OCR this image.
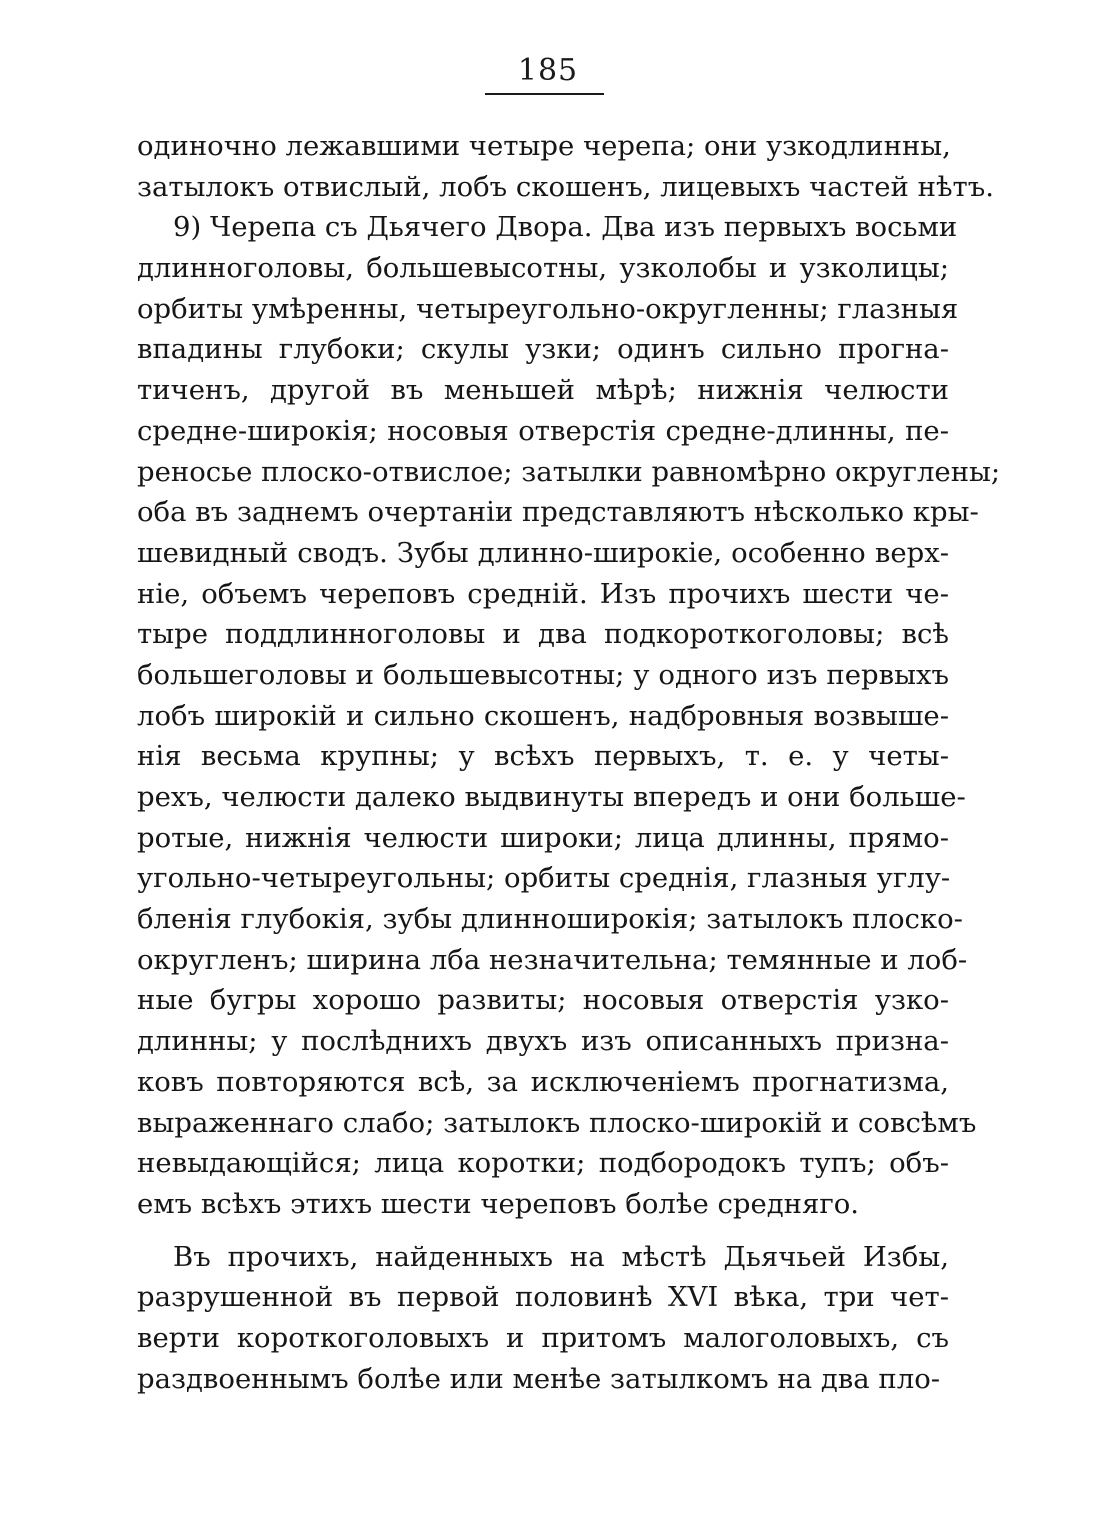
185
одиночно лежавшими четыре черепа; они узкодлинны,
затылокъ отвислый, лобъ скошенъ, лицевыхъ частей нѣтъ.
9) Черепа съ Дьячего Двора. Два изъ первыхъ восьми
длинноголовы, большевысотны, узколобы и узколицы;
орбиты умѣренны, четыреугольно-округленны; глазныя
впадины глубоки; скулы узки; одинъ сильно прогна-
тиченъ, другой въ меньшей мѣрѣ; нижнія челюсти
средне-широкія; носовыя отверстія средне-длинны, пе-
реносье плоско-отвислое; затылки равномѣрно округлены;
оба въ заднемъ очертаніи представляютъ нѣсколько кры-
шевидный сводъ. Зубы длинно-широкіе, особенно верх-
ніе, объемъ череповъ средній. Изъ прочихъ шести че-
тыре поддлинноголовы и два подкороткоголовы; всѣ
большеголовы и большевысотны; у одного изъ первыхъ
лобъ широкій и сильно скошенъ, надбровныя возвыше-
нія весьма крупны; у всѣхъ первыхъ, т. е. у четы-
рехъ, челюсти далеко выдвинуты впередъ и они больше-
ротые, нижнія челюсти широки; лица длинны, прямо-
угольно-четыреугольны; орбиты среднія, глазныя углу-
бленія глубокія, зубы длинноширокія; затылокъ плоско-
округленъ; ширина лба незначительна; темянные и лоб-
ные бугры хорошо развиты; носовыя отверстія узко-
длинны; у послѣднихъ двухъ изъ описанныхъ призна-
ковъ повторяются всѣ, за исключеніемъ прогнатизма,
выраженнаго слабо; затылокъ плоско-широкій и совсѣмъ
невыдающійся; лица коротки; подбородокъ тупъ; объ-
емъ всѣхъ этихъ шести череповъ болѣе средняго.
Въ прочихъ, найденныхъ на мѣстѣ Дьячьей Избы,
разрушенной въ первой половинѣ XVI вѣка, три чет-
верти короткоголовыхъ и притомъ малоголовыхъ, съ
раздвоеннымъ болѣе или менѣе затылкомъ на два пло-
